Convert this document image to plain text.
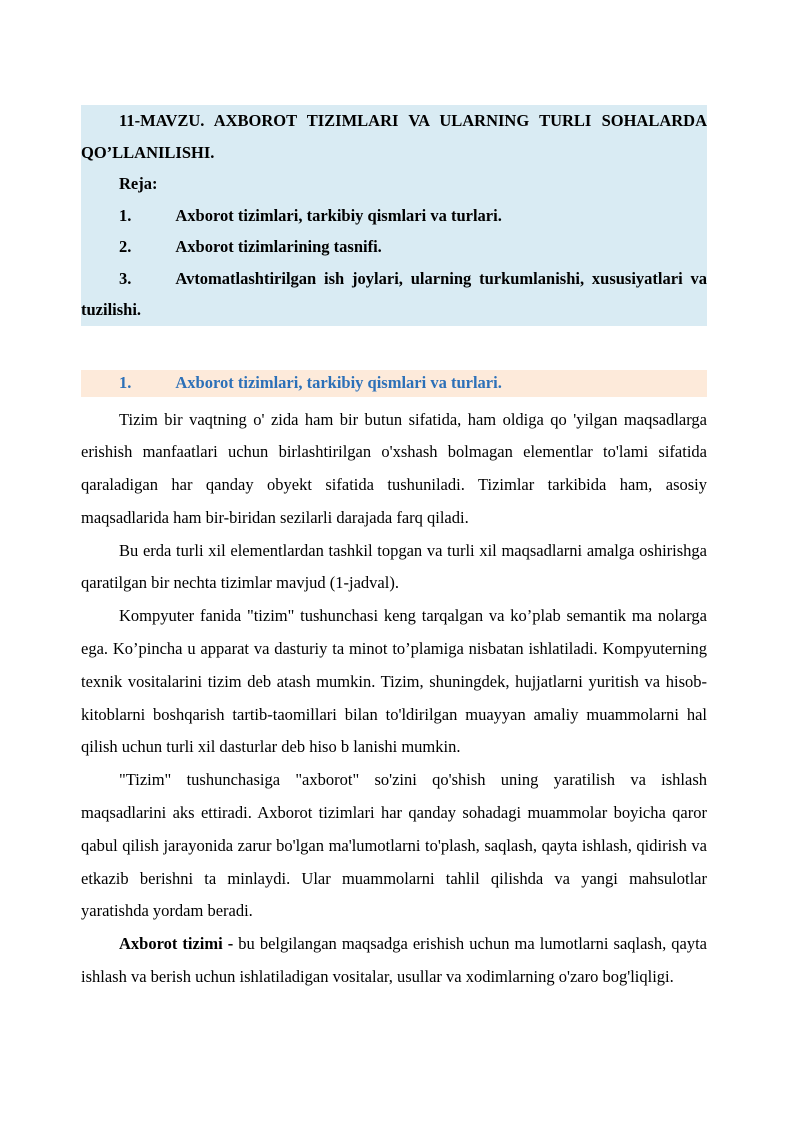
11-MAVZU. AXBOROT TIZIMLARI VA ULARNING TURLI SOHALARDA QO’LLANILISHI.

Reja:

1.	Axborot tizimlari, tarkibiy qismlari va turlari.

2.	Axborot tizimlarining tasnifi.

3.	Avtomatlashtirilgan ish joylari, ularning turkumlanishi, xususiyatlari va tuzilishi.

1.	Axborot tizimlari, tarkibiy qismlari va turlari.

Tizim bir vaqtning o' zida ham bir butun sifatida, ham oldiga qo 'yilgan maqsadlarga erishish manfaatlari uchun birlashtirilgan o'xshash bolmagan elementlar to'lami sifatida qaraladigan har qanday obyekt sifatida tushuniladi. Tizimlar tarkibida ham, asosiy maqsadlarida ham bir-biridan sezilarli darajada farq qiladi.

Bu erda turli xil elementlardan tashkil topgan va turli xil maqsadlarni amalga oshirishga qaratilgan bir nechta tizimlar mavjud (1-jadval).

Kompyuter fanida "tizim" tushunchasi keng tarqalgan va ko’plab semantik ma nolarga ega. Ko’pincha u apparat va dasturiy ta minot to’plamiga nisbatan ishlatiladi. Kompyuterning texnik vositalarini tizim deb atash mumkin. Tizim, shuningdek, hujjatlarni yuritish va hisob-kitoblarni boshqarish tartib-taomillari bilan to'ldirilgan muayyan amaliy muammolarni hal qilish uchun turli xil dasturlar deb hiso b lanishi mumkin.

"Tizim" tushunchasiga "axborot" so'zini qo'shish uning yaratilish va ishlash maqsadlarini aks ettiradi. Axborot tizimlari har qanday sohadagi muammolar boyicha qaror qabul qilish jarayonida zarur bo'lgan ma'lumotlarni to'plash, saqlash, qayta ishlash, qidirish va etkazib berishni ta minlaydi. Ular muammolarni tahlil qilishda va yangi mahsulotlar yaratishda yordam beradi.

Axborot tizimi - bu belgilangan maqsadga erishish uchun ma lumotlarni saqlash, qayta ishlash va berish uchun ishlatiladigan vositalar, usullar va xodimlarning o'zaro bog'liqligi.
